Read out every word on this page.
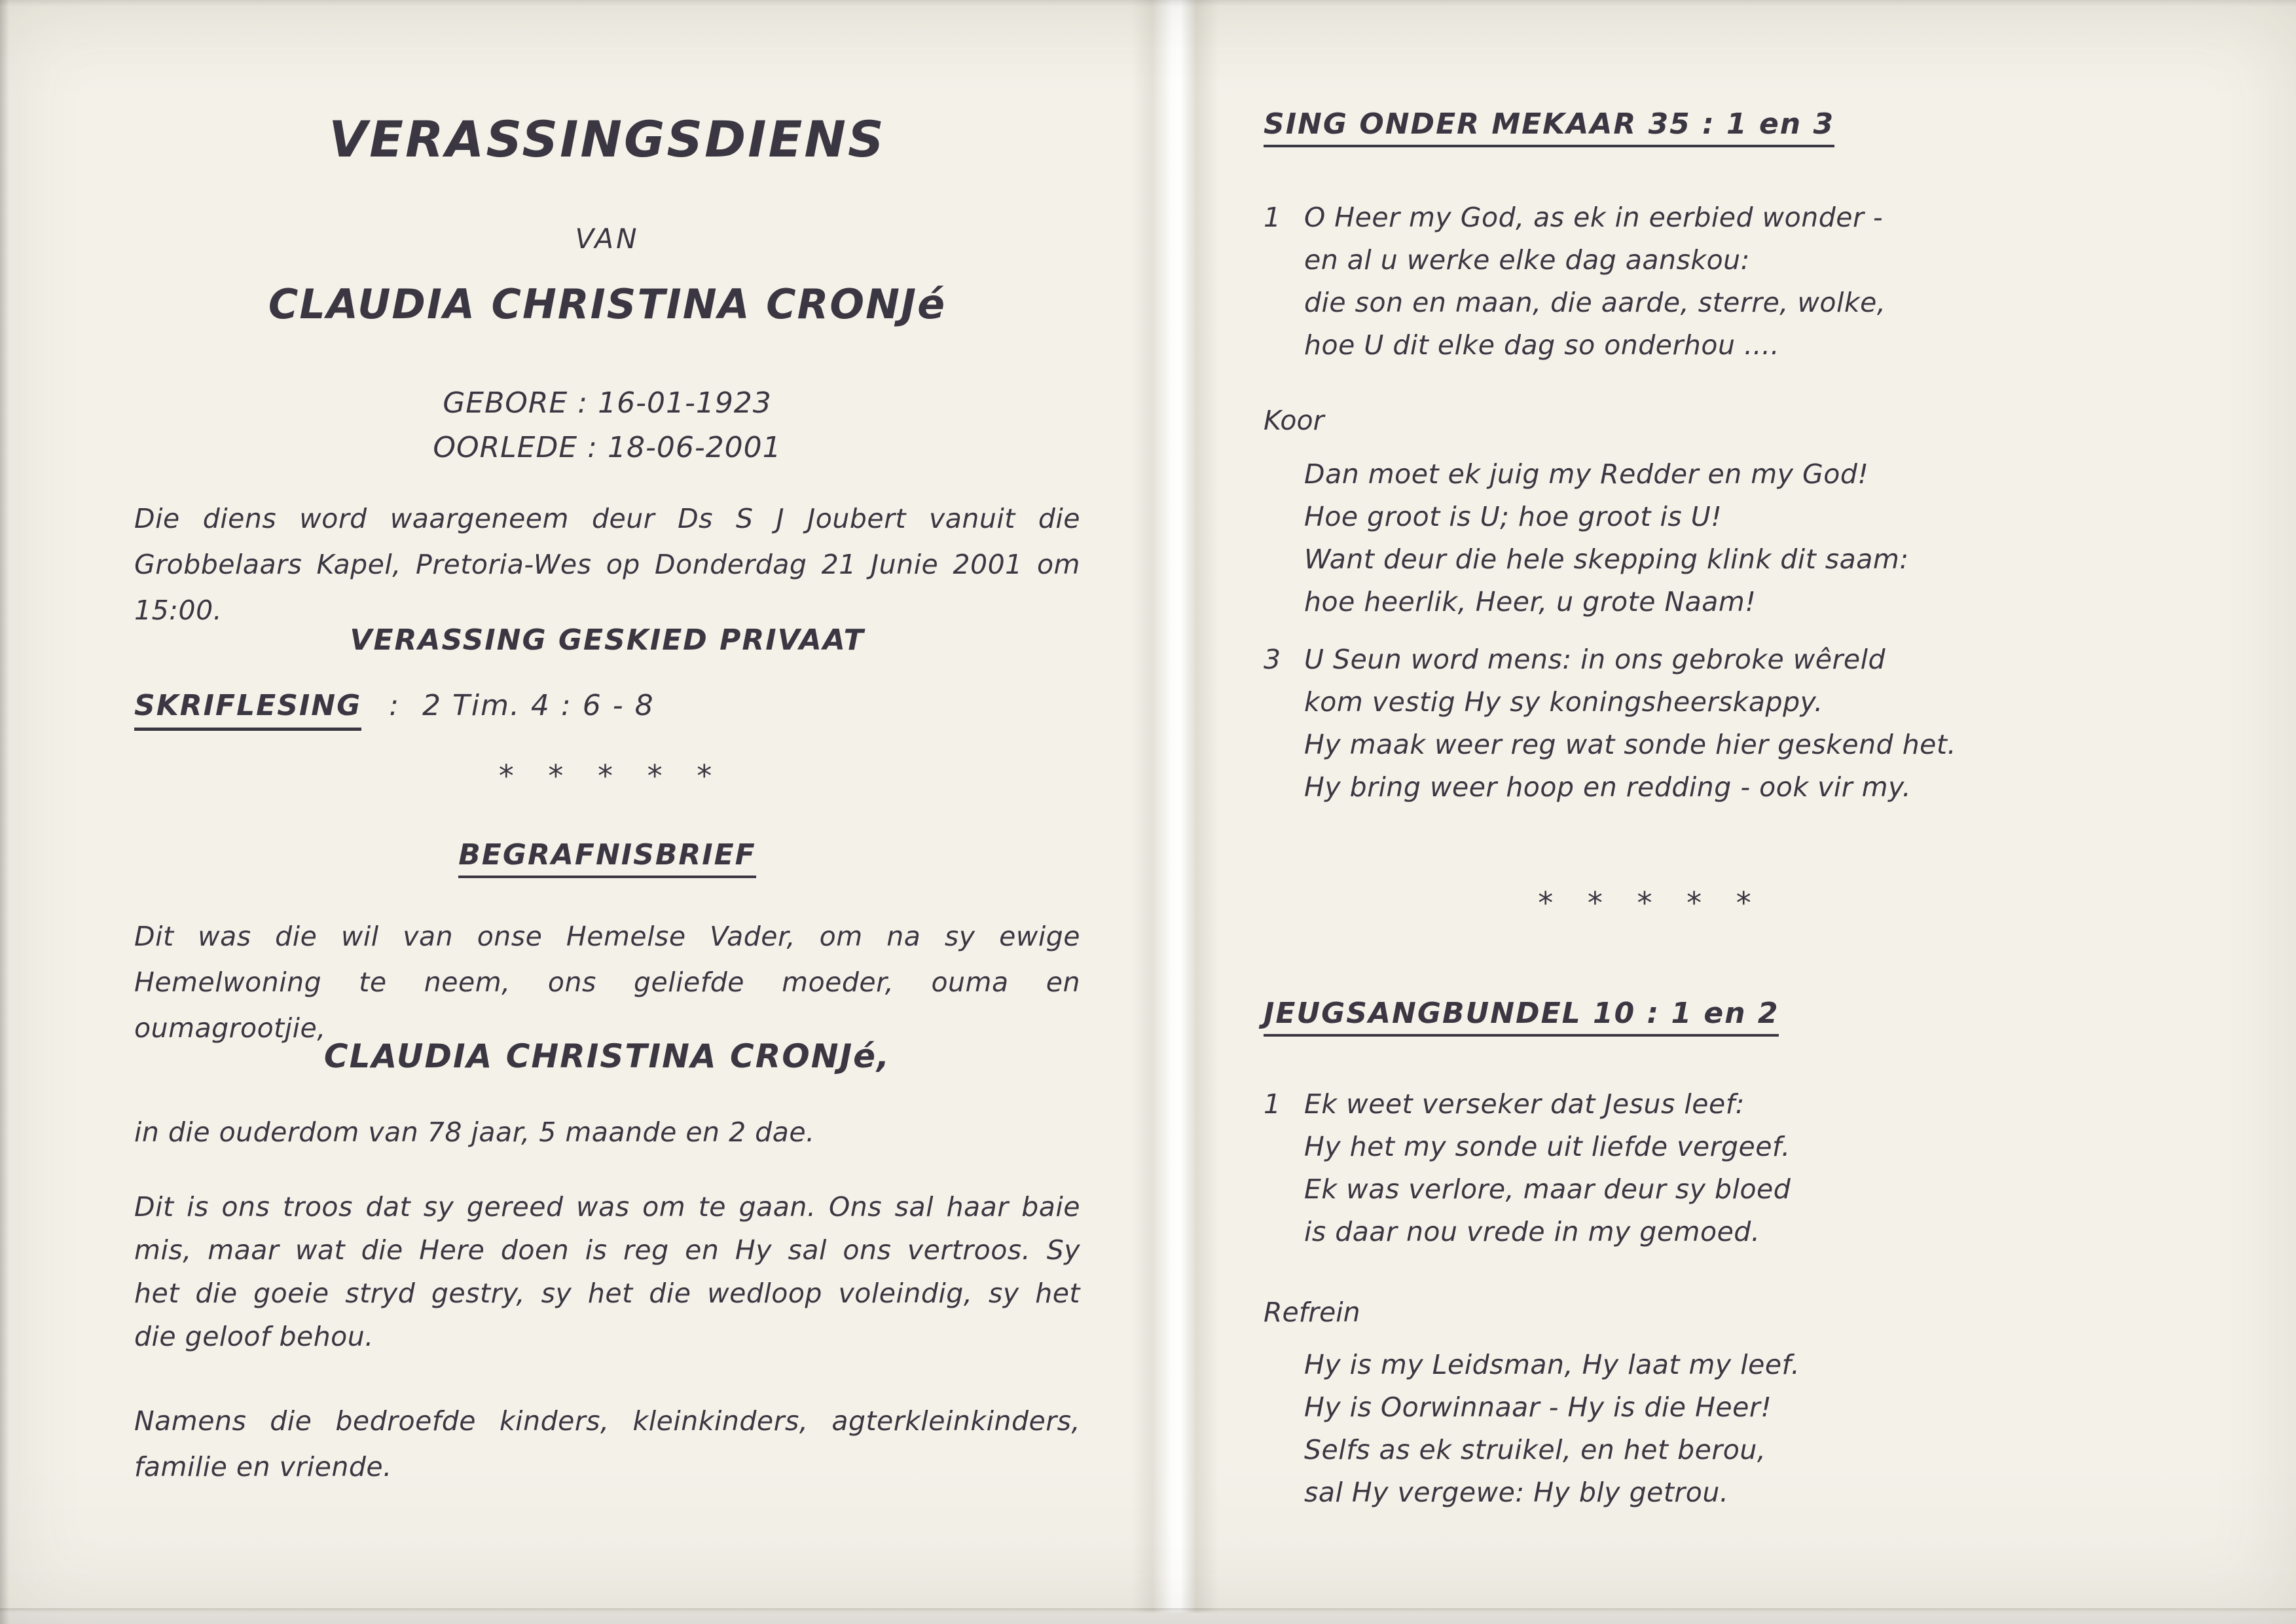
VERASSINGSDIENS
VAN
CLAUDIA CHRISTINA CRONJé
GEBORE : 16-01-1923
OORLEDE : 18-06-2001
Die diens word waargeneem deur Ds S J Joubert vanuit die
Grobbelaars Kapel, Pretoria-Wes op Donderdag 21 Junie 2001 om
15:00.
VERASSING GESKIED PRIVAAT
SKRIFLESING : 2 Tim. 4 : 6 - 8
* * * * *
BEGRAFNISBRIEF
Dit was die wil van onse Hemelse Vader, om na sy ewige
Hemelwoning te neem, ons geliefde moeder, ouma en
oumagrootjie,
CLAUDIA CHRISTINA CRONJé,
in die ouderdom van 78 jaar, 5 maande en 2 dae.
Dit is ons troos dat sy gereed was om te gaan. Ons sal haar baie
mis, maar wat die Here doen is reg en Hy sal ons vertroos. Sy
het die goeie stryd gestry, sy het die wedloop voleindig, sy het
die geloof behou.
Namens die bedroefde kinders, kleinkinders, agterkleinkinders,
familie en vriende.
SING ONDER MEKAAR 35 : 1 en 3
1 O Heer my God, as ek in eerbied wonder -
en al u werke elke dag aanskou:
die son en maan, die aarde, sterre, wolke,
hoe U dit elke dag so onderhou ....
Koor
Dan moet ek juig my Redder en my God!
Hoe groot is U; hoe groot is U!
Want deur die hele skepping klink dit saam:
hoe heerlik, Heer, u grote Naam!
3 U Seun word mens: in ons gebroke wêreld
kom vestig Hy sy koningsheerskappy.
Hy maak weer reg wat sonde hier geskend het.
Hy bring weer hoop en redding - ook vir my.
* * * * *
JEUGSANGBUNDEL 10 : 1 en 2
1 Ek weet verseker dat Jesus leef:
Hy het my sonde uit liefde vergeef.
Ek was verlore, maar deur sy bloed
is daar nou vrede in my gemoed.
Refrein
Hy is my Leidsman, Hy laat my leef.
Hy is Oorwinnaar - Hy is die Heer!
Selfs as ek struikel, en het berou,
sal Hy vergewe: Hy bly getrou.
